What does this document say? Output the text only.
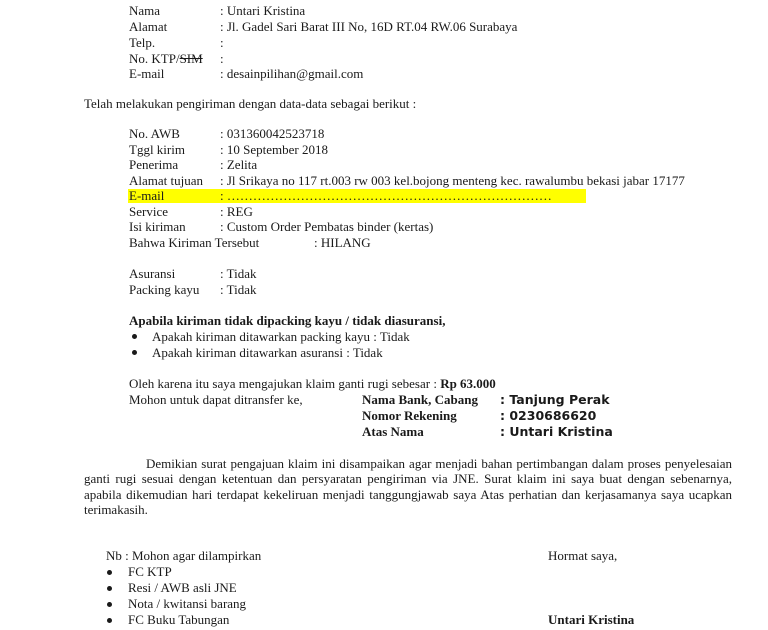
Nama	: Untari Kristina
Alamat	: Jl. Gadel Sari Barat III No, 16D RT.04 RW.06 Surabaya
Telp.	:
No. KTP/SIM :
E-mail	: desainpilihan@gmail.com
Telah melakukan pengiriman dengan data-data sebagai berikut :
No. AWB	: 031360042523718
Tggl kirim	: 10 September 2018
Penerima	: Zelita
Alamat tujuan : Jl Srikaya no 117 rt.003 rw 003 kel.bojong menteng kec. rawalumbu bekasi jabar 17177
E-mail	: …………………………………………………………………
Service	: REG
Isi kiriman	: Custom Order Pembatas binder (kertas)
Bahwa Kiriman Tersebut	: HILANG
Asuransi	: Tidak
Packing kayu : Tidak
Apabila kiriman tidak dipacking kayu / tidak diasuransi,
Apakah kiriman ditawarkan packing kayu : Tidak
Apakah kiriman ditawarkan asuransi : Tidak
Oleh karena itu saya mengajukan klaim ganti rugi sebesar : Rp 63.000
Mohon untuk dapat ditransfer ke,	Nama Bank, Cabang : Tanjung Perak
Nomor Rekening	: 0230686620
Atas Nama	: Untari Kristina
Demikian surat pengajuan klaim ini disampaikan agar menjadi bahan pertimbangan dalam proses penyelesaian ganti rugi sesuai dengan ketentuan dan persyaratan pengiriman via JNE. Surat klaim ini saya buat dengan sebenarnya, apabila dikemudian hari terdapat kekeliruan menjadi tanggungjawab saya Atas perhatian dan kerjasamanya saya ucapkan terimakasih.
Nb : Mohon agar dilampirkan
FC KTP
Resi / AWB asli JNE
Nota / kwitansi barang
FC Buku Tabungan
Hormat saya,
Untari Kristina
